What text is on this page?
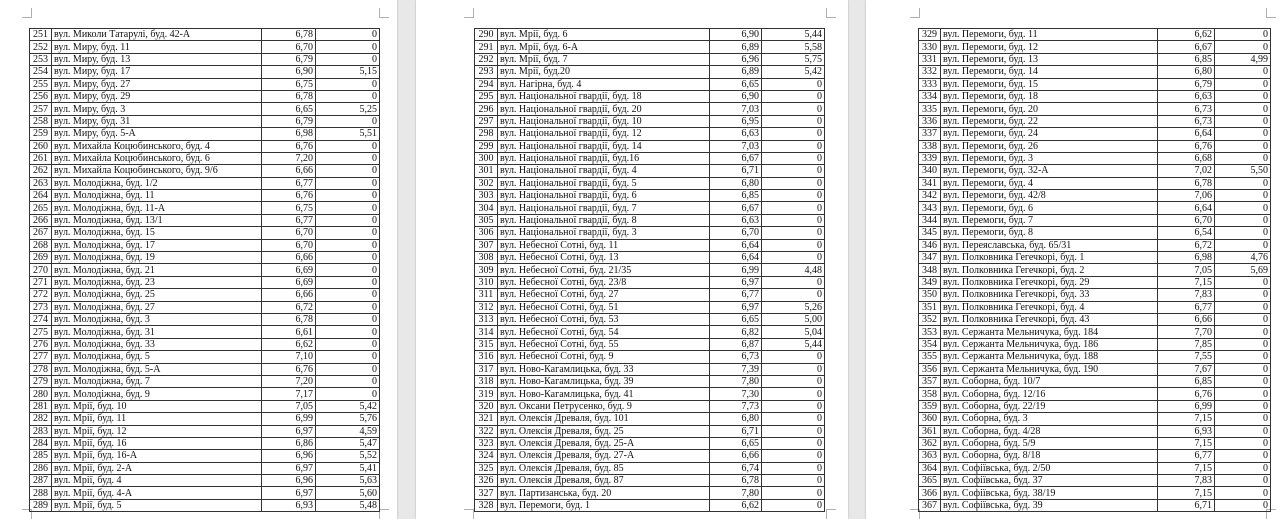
251	вул. Миколи Татарулі, буд. 42-А	6,78	0
252	вул. Миру, буд. 11	6,70	0
253	вул. Миру, буд. 13	6,79	0
254	вул. Миру, буд. 17	6,90	5,15
255	вул. Миру, буд. 27	6,75	0
256	вул. Миру, буд. 29	6,78	0
257	вул. Миру, буд. 3	6,65	5,25
258	вул. Миру, буд. 31	6,79	0
259	вул. Миру, буд. 5-А	6,98	5,51
260	вул. Михайла Коцюбинського, буд. 4	6,76	0
261	вул. Михайла Коцюбинського, буд. 6	7,20	0
262	вул. Михайла Коцюбинського, буд. 9/6	6,66	0
263	вул. Молодіжна, буд. 1/2	6,77	0
264	вул. Молодіжна, буд. 11	6,76	0
265	вул. Молодіжна, буд. 11-А	6,75	0
266	вул. Молодіжна, буд. 13/1	6,77	0
267	вул. Молодіжна, буд. 15	6,70	0
268	вул. Молодіжна, буд. 17	6,70	0
269	вул. Молодіжна, буд. 19	6,66	0
270	вул. Молодіжна, буд. 21	6,69	0
271	вул. Молодіжна, буд. 23	6,69	0
272	вул. Молодіжна, буд. 25	6,66	0
273	вул. Молодіжна, буд. 27	6,72	0
274	вул. Молодіжна, буд. 3	6,78	0
275	вул. Молодіжна, буд. 31	6,61	0
276	вул. Молодіжна, буд. 33	6,62	0
277	вул. Молодіжна, буд. 5	7,10	0
278	вул. Молодіжна, буд. 5-А	6,76	0
279	вул. Молодіжна, буд. 7	7,20	0
280	вул. Молодіжна, буд. 9	7,17	0
281	вул. Мрії, буд. 10	7,05	5,42
282	вул. Мрії, буд. 11	6,99	5,76
283	вул. Мрії, буд. 12	6,97	4,59
284	вул. Мрії, буд. 16	6,86	5,47
285	вул. Мрії, буд. 16-А	6,96	5,52
286	вул. Мрії, буд. 2-А	6,97	5,41
287	вул. Мрії, буд. 4	6,96	5,63
288	вул. Мрії, буд. 4-А	6,97	5,60
289	вул. Мрії, буд. 5	6,93	5,48
290	вул. Мрії, буд. 6	6,90	5,44
291	вул. Мрії, буд. 6-А	6,89	5,58
292	вул. Мрії, буд. 7	6,96	5,75
293	вул. Мрії, буд.20	6,89	5,42
294	вул. Нагірна, буд. 4	6,65	0
295	вул. Національної гвардії, буд. 18	6,90	0
296	вул. Національної гвардії, буд. 20	7,03	0
297	вул. Національної гвардії, буд. 10	6,95	0
298	вул. Національної гвардії, буд. 12	6,63	0
299	вул. Національної гвардії, буд. 14	7,03	0
300	вул. Національної гвардії, буд.16	6,67	0
301	вул. Національної гвардії, буд. 4	6,71	0
302	вул. Національної гвардії, буд. 5	6,80	0
303	вул. Національної гвардії, буд. 6	6,85	0
304	вул. Національної гвардії, буд. 7	6,67	0
305	вул. Національної гвардії, буд. 8	6,63	0
306	вул. Національної гвардії, буд. 3	6,70	0
307	вул. Небесної Сотні, буд. 11	6,64	0
308	вул. Небесної Сотні, буд. 13	6,64	0
309	вул. Небесної Сотні, буд. 21/35	6,99	4,48
310	вул. Небесної Сотні, буд. 23/8	6,97	0
311	вул. Небесної Сотні, буд. 27	6,77	0
312	вул. Небесної Сотні, буд. 51	6,97	5,26
313	вул. Небесної Сотні, буд. 53	6,65	5,00
314	вул. Небесної Сотні, буд. 54	6,82	5,04
315	вул. Небесної Сотні, буд. 55	6,87	5,44
316	вул. Небесної Сотні, буд. 9	6,73	0
317	вул. Ново-Кагамлицька, буд. 33	7,39	0
318	вул. Ново-Кагамлицька, буд. 39	7,80	0
319	вул. Ново-Кагамлицька, буд. 41	7,30	0
320	вул. Оксани Петрусенко, буд. 9	7,73	0
321	вул. Олексія Древаля, буд. 101	6,80	0
322	вул. Олексія Древаля, буд. 25	6,71	0
323	вул. Олексія Древаля, буд. 25-А	6,65	0
324	вул. Олексія Древаля, буд. 27-А	6,66	0
325	вул. Олексія Древаля, буд. 85	6,74	0
326	вул. Олексія Древаля, буд. 87	6,78	0
327	вул. Партизанська, буд. 20	7,80	0
328	вул. Перемоги, буд. 1	6,62	0
329	вул. Перемоги, буд. 11	6,62	0
330	вул. Перемоги, буд. 12	6,67	0
331	вул. Перемоги, буд. 13	6,85	4,99
332	вул. Перемоги, буд. 14	6,80	0
333	вул. Перемоги, буд. 15	6,79	0
334	вул. Перемоги, буд. 18	6,63	0
335	вул. Перемоги, буд. 20	6,73	0
336	вул. Перемоги, буд. 22	6,73	0
337	вул. Перемоги, буд. 24	6,64	0
338	вул. Перемоги, буд. 26	6,76	0
339	вул. Перемоги, буд. 3	6,68	0
340	вул. Перемоги, буд. 32-А	7,02	5,50
341	вул. Перемоги, буд. 4	6,78	0
342	вул. Перемоги, буд. 42/8	7,06	0
343	вул. Перемоги, буд. 6	6,64	0
344	вул. Перемоги, буд. 7	6,70	0
345	вул. Перемоги, буд. 8	6,54	0
346	вул. Переяславська, буд. 65/31	6,72	0
347	вул. Полковника Гегечкорі, буд. 1	6,98	4,76
348	вул. Полковника Гегечкорі, буд. 2	7,05	5,69
349	вул. Полковника Гегечкорі, буд. 29	7,15	0
350	вул. Полковника Гегечкорі, буд. 33	7,83	0
351	вул. Полковника Гегечкорі, буд. 4	6,77	0
352	вул. Полковника Гегечкорі, буд. 43	6,66	0
353	вул. Сержанта Мельничука, буд. 184	7,70	0
354	вул. Сержанта Мельничука, буд. 186	7,85	0
355	вул. Сержанта Мельничука, буд. 188	7,55	0
356	вул. Сержанта Мельничука, буд. 190	7,67	0
357	вул. Соборна, буд. 10/7	6,85	0
358	вул. Соборна, буд. 12/16	6,76	0
359	вул. Соборна, буд. 22/19	6,99	0
360	вул. Соборна, буд. 3	7,15	0
361	вул. Соборна, буд. 4/28	6,93	0
362	вул. Соборна, буд. 5/9	7,15	0
363	вул. Соборна, буд. 8/18	6,77	0
364	вул. Софіївська, буд. 2/50	7,15	0
365	вул. Софіївська, буд. 37	7,83	0
366	вул. Софіївська, буд. 38/19	7,15	0
367	вул. Софіївська, буд. 39	6,71	0
